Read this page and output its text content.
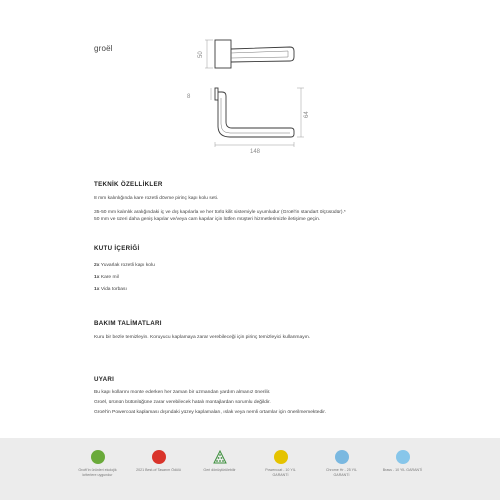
groël
50
8
64
148
TEKNİK ÖZELLİKLER
8 mm kalınlığında kare rozetli dövme pirinç kapı kolu seti.
35-50 mm kalınlık aralığındaki iç ve dış kapılarla ve her türlü kilit sistemiyle uyumludur (Groël'in standart ölçüsüdür).*
50 mm ve üzeri daha geniş kapılar ve/veya cam kapılar için lütfen müşteri hizmetlerimizle iletişime geçin.
KUTU İÇERİĞİ
2x Yuvarlak rozetli kapı kolu
1x Kare mil
1x Vida torbası
BAKIM TALİMATLARI
Kuru bir bezle temizleyin. Koruyucu kaplamaya zarar verebileceği için pirinç temizleyici kullanmayın.
UYARI
Bu kapı kollarını monte ederken her zaman bir uzmandan yardım almanız önerilir.
Groël, ürünün bütünlüğüne zarar verebilecek hatalı montajlardan sorumlu değildir.
Groël'in Powercoat kaplaması dışındaki yüzey kaplamaları, ıslak veya nemli ortamlar için önerilmemektedir.
Groël'in ürünleri ekolojik kriterlere uygundur
2021 Best-of Tasarım Ödülü	Geri dönüştürülebilir	Powercoat - 10 YIL GARANTİ
Chrome Hr - 25 YIL GARANTİ
Brass - 10 YIL GARANTİ
